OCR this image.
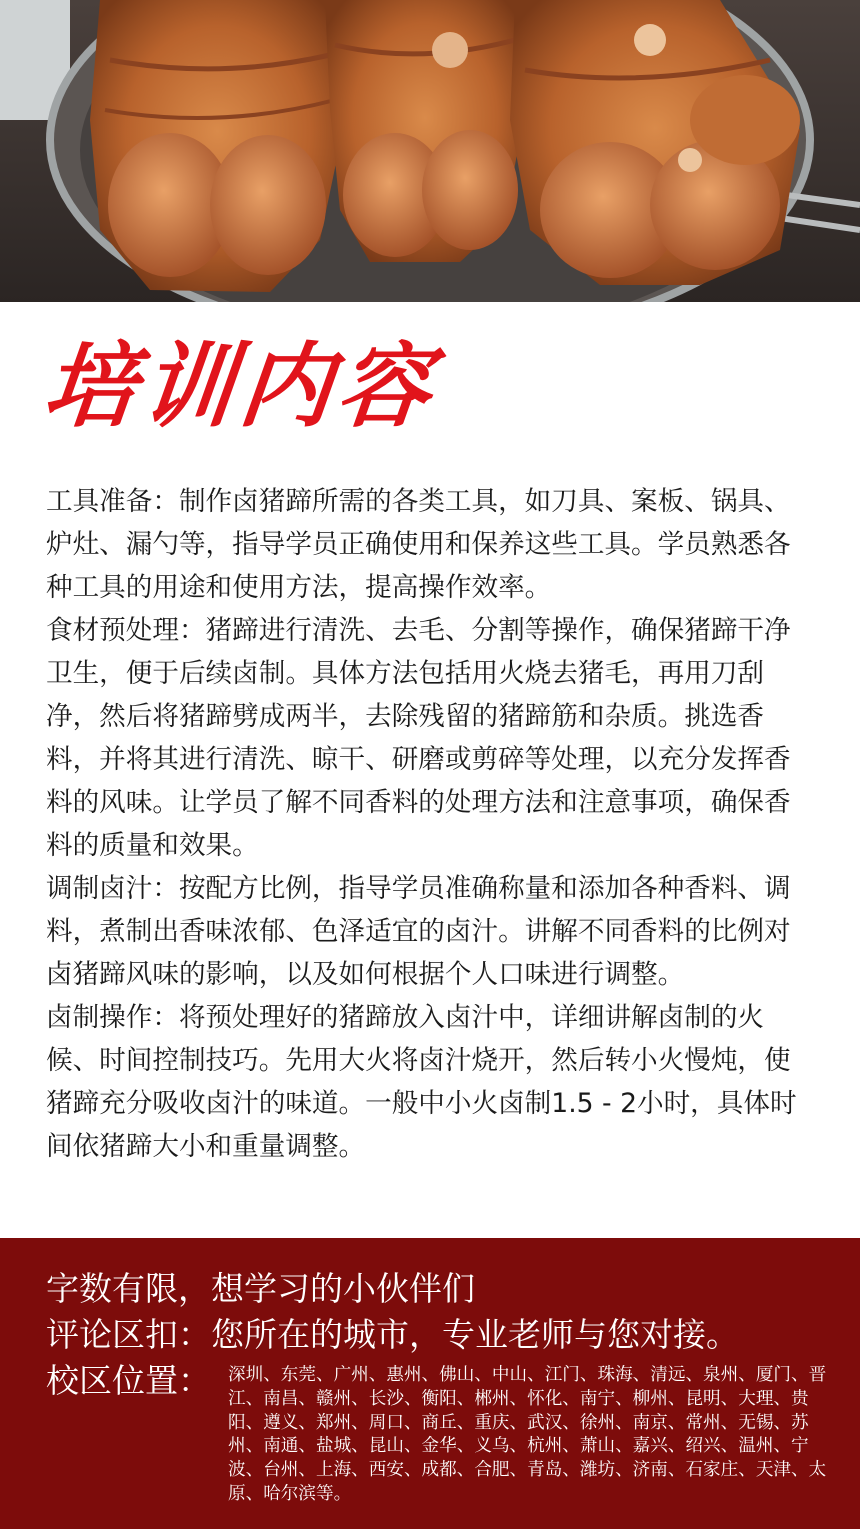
培训内容

工具准备：制作卤猪蹄所需的各类工具，如刀具、案板、锅具、炉灶、漏勺等，指导学员正确使用和保养这些工具。学员熟悉各种工具的用途和使用方法，提高操作效率。

食材预处理：猪蹄进行清洗、去毛、分割等操作，确保猪蹄干净卫生，便于后续卤制。具体方法包括用火烧去猪毛，再用刀刮净，然后将猪蹄劈成两半，去除残留的猪蹄筋和杂质。挑选香料，并将其进行清洗、晾干、研磨或剪碎等处理，以充分发挥香料的风味。让学员了解不同香料的处理方法和注意事项，确保香料的质量和效果。

调制卤汁：按配方比例，指导学员准确称量和添加各种香料、调料，煮制出香味浓郁、色泽适宜的卤汁。讲解不同香料的比例对卤猪蹄风味的影响，以及如何根据个人口味进行调整。

卤制操作：将预处理好的猪蹄放入卤汁中，详细讲解卤制的火候、时间控制技巧。先用大火将卤汁烧开，然后转小火慢炖，使猪蹄充分吸收卤汁的味道。一般中小火卤制1.5 - 2小时，具体时间依猪蹄大小和重量调整。

字数有限，想学习的小伙伴们
评论区扣：您所在的城市，专业老师与您对接。
校区位置： 深圳、东莞、广州、惠州、佛山、中山、江门、珠海、清远、泉州、厦门、晋江、南昌、赣州、长沙、衡阳、郴州、怀化、南宁、柳州、昆明、大理、贵阳、遵义、郑州、周口、商丘、重庆、武汉、徐州、南京、常州、无锡、苏州、南通、盐城、昆山、金华、义乌、杭州、萧山、嘉兴、绍兴、温州、宁波、台州、上海、西安、成都、合肥、青岛、潍坊、济南、石家庄、天津、太原、哈尔滨等。
